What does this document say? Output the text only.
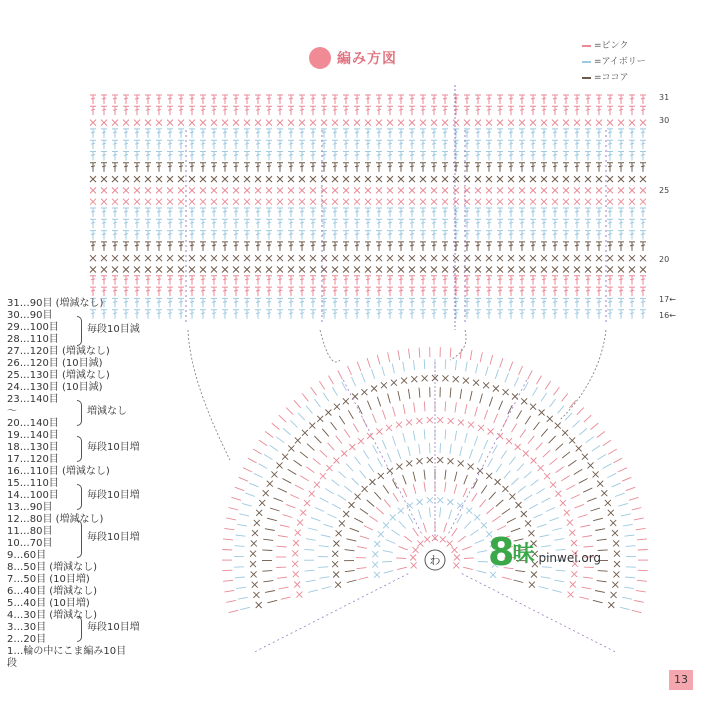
わ
編み方図
=ピンク
=アイボリー
=ココア
31
30
25
20
17←
16←
31…90目 (増減なし)
30…90目
29…100目
28…110目
27…120目 (増減なし)
26…120目 (10目減)
25…130目 (増減なし)
24…130目 (10目減)
23…140目
〜
20…140目
19…140目
18…130目
17…120目
16…110目 (増減なし)
15…110目
14…100目
13…90目
12…80目 (増減なし)
11…80目
10…70目
9…60目
8…50目 (増減なし)
7…50目 (10目増)
6…40目 (増減なし)
5…40目 (10目増)
4…30目 (増減なし)
3…30目
2…20目
1…輪の中にこま編み10目
段
毎段10目減
増減なし
毎段10目増
毎段10目増
毎段10目増
毎段10目増
8
味 pinwei.org
13
